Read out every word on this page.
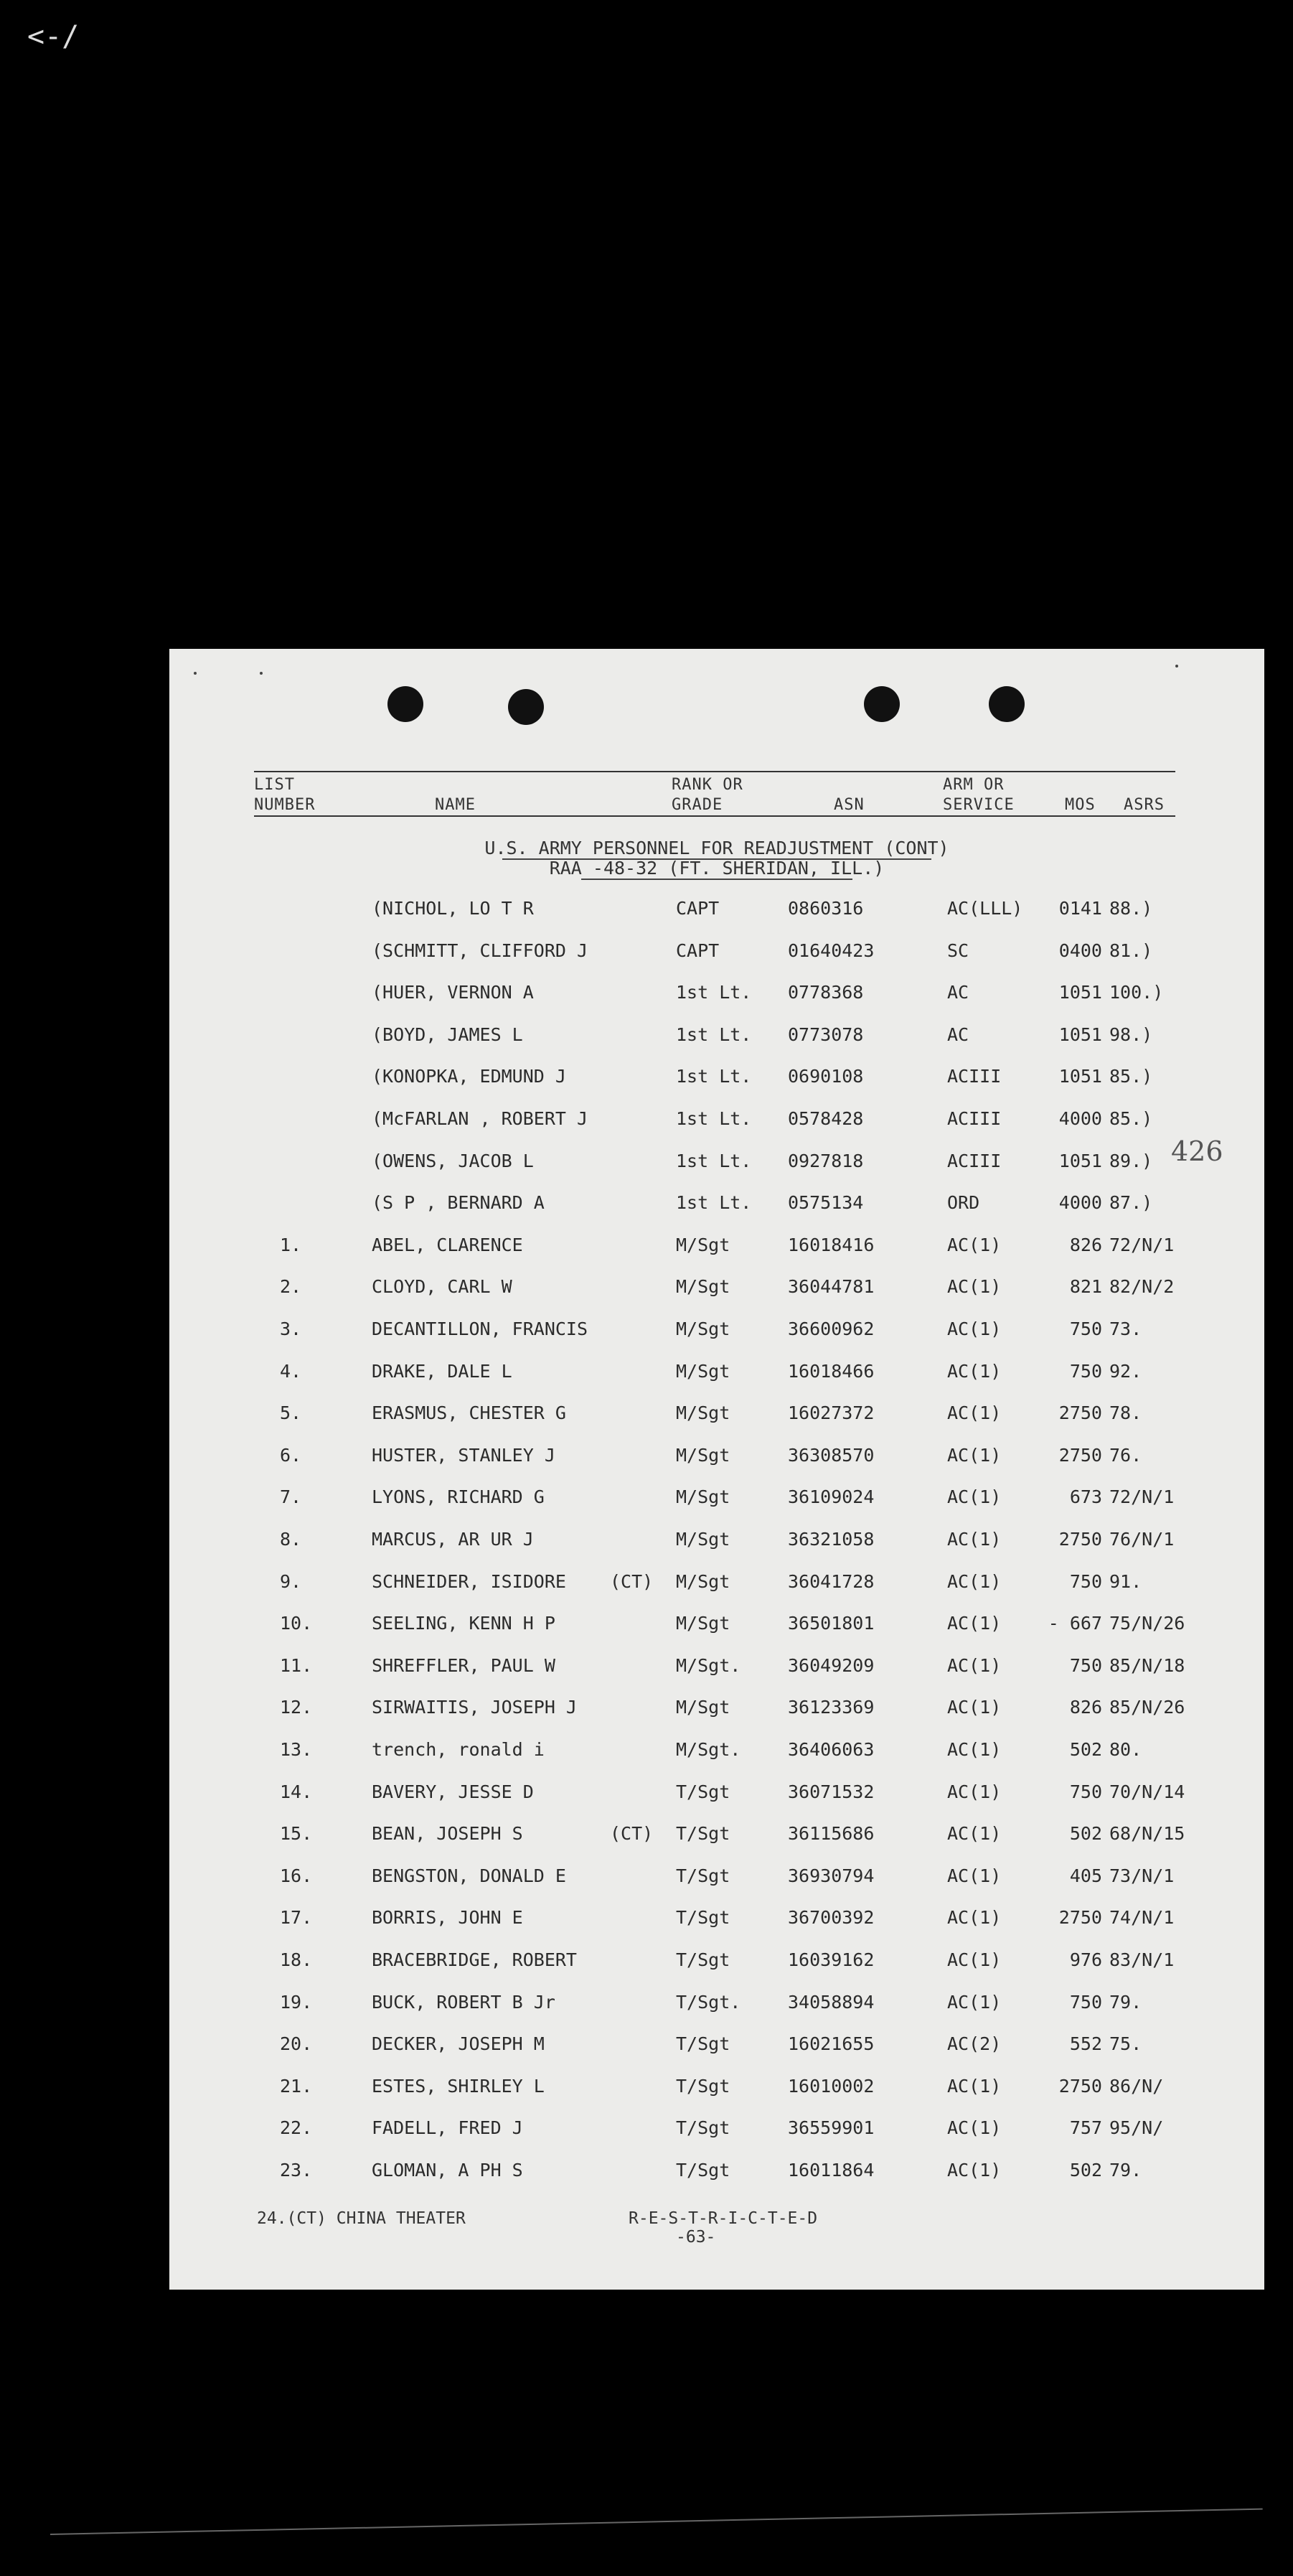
<-/
LIST
NUMBER	NAME
RANK OR
GRADE	ASN
ARM OR
SERVICE	MOS ASRS
U.S. ARMY PERSONNEL FOR READJUSTMENT (CONT)
RAA -48-32 (FT. SHERIDAN, ILL.)
426
(NICHOL, LO T R	CAPT	0860316	AC(LLL)	0141 88.)
(SCHMITT, CLIFFORD J	CAPT	01640423	SC	0400 81.)
(HUER, VERNON A	1st Lt. 0778368	AC	1051 100.)
(BOYD, JAMES L	1st Lt. 0773078	AC	1051 98.)
(KONOPKA, EDMUND J	1st Lt. 0690108	ACIII	1051 85.)
(McFARLAN , ROBERT J	1st Lt. 0578428	ACIII	4000 85.)
(OWENS, JACOB L	1st Lt. 0927818	ACIII	1051 89.)
(S P , BERNARD A	1st Lt. 0575134	ORD	4000 87.)
1.	ABEL, CLARENCE	M/Sgt	16018416	AC(1)	826 72/N/1
2.	CLOYD, CARL W	M/Sgt	36044781	AC(1)	821 82/N/2
3.	DECANTILLON, FRANCIS	M/Sgt	36600962	AC(1)	750 73.
4.	DRAKE, DALE L	M/Sgt	16018466	AC(1)	750 92.
5.	ERASMUS, CHESTER G	M/Sgt	16027372	AC(1)	2750 78.
6.	HUSTER, STANLEY J	M/Sgt	36308570	AC(1)	2750 76.
7.	LYONS, RICHARD G	M/Sgt	36109024	AC(1)	673 72/N/1
8.	MARCUS, AR UR J	M/Sgt	36321058	AC(1)	2750 76/N/1
9.	SCHNEIDER, ISIDORE (CT) M/Sgt	36041728	AC(1)	750 91.
10.	SEELING, KENN H P	M/Sgt	36501801	AC(1)	- 667 75/N/26
11.	SHREFFLER, PAUL W	M/Sgt.	36049209	AC(1)	750 85/N/18
12.	SIRWAITIS, JOSEPH J	M/Sgt	36123369	AC(1)	826 85/N/26
13.	trench, ronald i	M/Sgt.	36406063	AC(1)	502 80.
14.	BAVERY, JESSE D	T/Sgt	36071532	AC(1)	750 70/N/14
15.	BEAN, JOSEPH S	(CT) T/Sgt	36115686	AC(1)	502 68/N/15
16.	BENGSTON, DONALD E	T/Sgt	36930794	AC(1)	405 73/N/1
17.	BORRIS, JOHN E	T/Sgt	36700392	AC(1)	2750 74/N/1
18.	BRACEBRIDGE, ROBERT	T/Sgt	16039162	AC(1)	976 83/N/1
19.	BUCK, ROBERT B Jr	T/Sgt.	34058894	AC(1)	750 79.
20.	DECKER, JOSEPH M	T/Sgt	16021655	AC(2)	552 75.
21.	ESTES, SHIRLEY L	T/Sgt	16010002	AC(1)	2750 86/N/
22.	FADELL, FRED J	T/Sgt	36559901	AC(1)	757 95/N/
23.	GLOMAN, A PH S	T/Sgt	16011864	AC(1)	502 79.
24.(CT) CHINA THEATER	R-E-S-T-R-I-C-T-E-D
-63-
